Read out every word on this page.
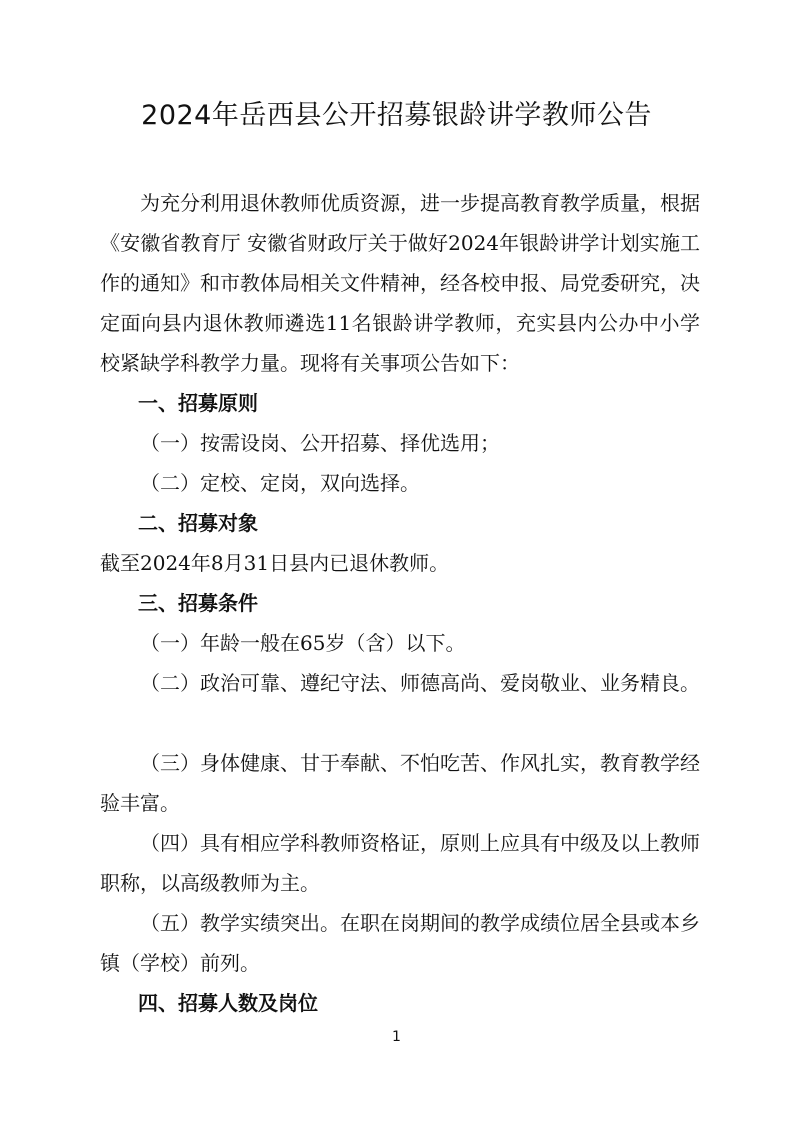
2024年岳西县公开招募银龄讲学教师公告

为充分利用退休教师优质资源，进一步提高教育教学质量，根据《安徽省教育厅 安徽省财政厅关于做好2024年银龄讲学计划实施工作的通知》和市教体局相关文件精神，经各校申报、局党委研究，决定面向县内退休教师遴选11名银龄讲学教师，充实县内公办中小学校紧缺学科教学力量。现将有关事项公告如下：

一、招募原则

（一）按需设岗、公开招募、择优选用；

（二）定校、定岗，双向选择。

二、招募对象

截至2024年8月31日县内已退休教师。

三、招募条件

（一）年龄一般在65岁（含）以下。

（二）政治可靠、遵纪守法、师德高尚、爱岗敬业、业务精良。

（三）身体健康、甘于奉献、不怕吃苦、作风扎实，教育教学经验丰富。

（四）具有相应学科教师资格证，原则上应具有中级及以上教师职称，以高级教师为主。

（五）教学实绩突出。在职在岗期间的教学成绩位居全县或本乡镇（学校）前列。

四、招募人数及岗位
1
